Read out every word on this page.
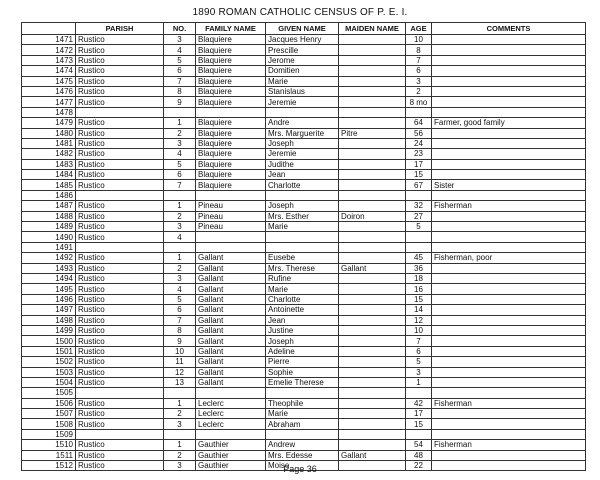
1890 ROMAN CATHOLIC CENSUS OF P. E. I.
	PARISH	NO.	FAMILY NAME	GIVEN NAME	MAIDEN NAME	AGE	COMMENTS
1471	Rustico	3	Blaquiere	Jacques Henry		10	
1472	Rustico	4	Blaquiere	Prescille		8	
1473	Rustico	5	Blaquiere	Jerome		7	
1474	Rustico	6	Blaquiere	Domitien		6	
1475	Rustico	7	Blaquiere	Marie		3	
1476	Rustico	8	Blaquiere	Stanislaus		2	
1477	Rustico	9	Blaquiere	Jeremie		8 mo	
1478							
1479	Rustico	1	Blaquiere	Andre		64	Farmer, good family
1480	Rustico	2	Blaquiere	Mrs. Marguerite	Pitre	56	
1481	Rustico	3	Blaquiere	Joseph		24	
1482	Rustico	4	Blaquiere	Jeremie		23	
1483	Rustico	5	Blaquiere	Judithe		17	
1484	Rustico	6	Blaquiere	Jean		15	
1485	Rustico	7	Blaquiere	Charlotte		67	Sister
1486							
1487	Rustico	1	Pineau	Joseph		32	Fisherman
1488	Rustico	2	Pineau	Mrs. Esther	Doiron	27	
1489	Rustico	3	Pineau	Marie		5	
1490	Rustico	4					
1491							
1492	Rustico	1	Gallant	Eusebe		45	Fisherman, poor
1493	Rustico	2	Gallant	Mrs. Therese	Gallant	36	
1494	Rustico	3	Gallant	Rufine		18	
1495	Rustico	4	Gallant	Marie		16	
1496	Rustico	5	Gallant	Charlotte		15	
1497	Rustico	6	Gallant	Antoinette		14	
1498	Rustico	7	Gallant	Jean		12	
1499	Rustico	8	Gallant	Justine		10	
1500	Rustico	9	Gallant	Joseph		7	
1501	Rustico	10	Gallant	Adeline		6	
1502	Rustico	11	Gallant	Pierre		5	
1503	Rustico	12	Gallant	Sophie		3	
1504	Rustico	13	Gallant	Emelie Therese		1	
1505							
1506	Rustico	1	Leclerc	Theophile		42	Fisherman
1507	Rustico	2	Leclerc	Marie		17	
1508	Rustico	3	Leclerc	Abraham		15	
1509							
1510	Rustico	1	Gauthier	Andrew		54	Fisherman
1511	Rustico	2	Gauthier	Mrs. Edesse	Gallant	48	
1512	Rustico	3	Gauthier	Moise		22	
Page 36
